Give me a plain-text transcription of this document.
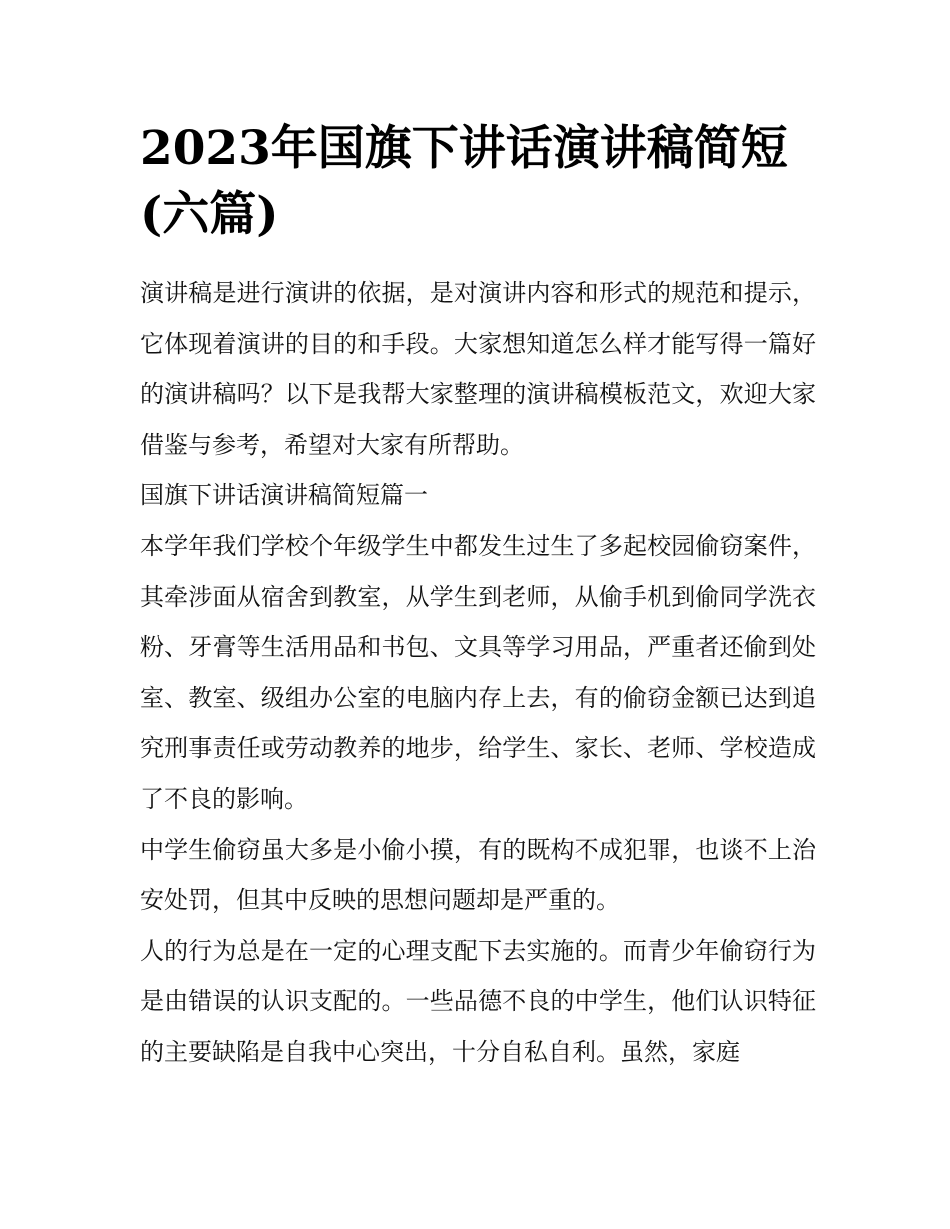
2023年国旗下讲话演讲稿简短(六篇)

演讲稿是进行演讲的依据，是对演讲内容和形式的规范和提示，它体现着演讲的目的和手段。大家想知道怎么样才能写得一篇好的演讲稿吗？以下是我帮大家整理的演讲稿模板范文，欢迎大家借鉴与参考，希望对大家有所帮助。

国旗下讲话演讲稿简短篇一

本学年我们学校个年级学生中都发生过生了多起校园偷窃案件，其牵涉面从宿舍到教室，从学生到老师，从偷手机到偷同学洗衣粉、牙膏等生活用品和书包、文具等学习用品，严重者还偷到处室、教室、级组办公室的电脑内存上去，有的偷窃金额已达到追究刑事责任或劳动教养的地步，给学生、家长、老师、学校造成了不良的影响。

中学生偷窃虽大多是小偷小摸，有的既构不成犯罪，也谈不上治安处罚，但其中反映的思想问题却是严重的。

人的行为总是在一定的心理支配下去实施的。而青少年偷窃行为是由错误的认识支配的。一些品德不良的中学生，他们认识特征的主要缺陷是自我中心突出，十分自私自利。虽然，家庭
